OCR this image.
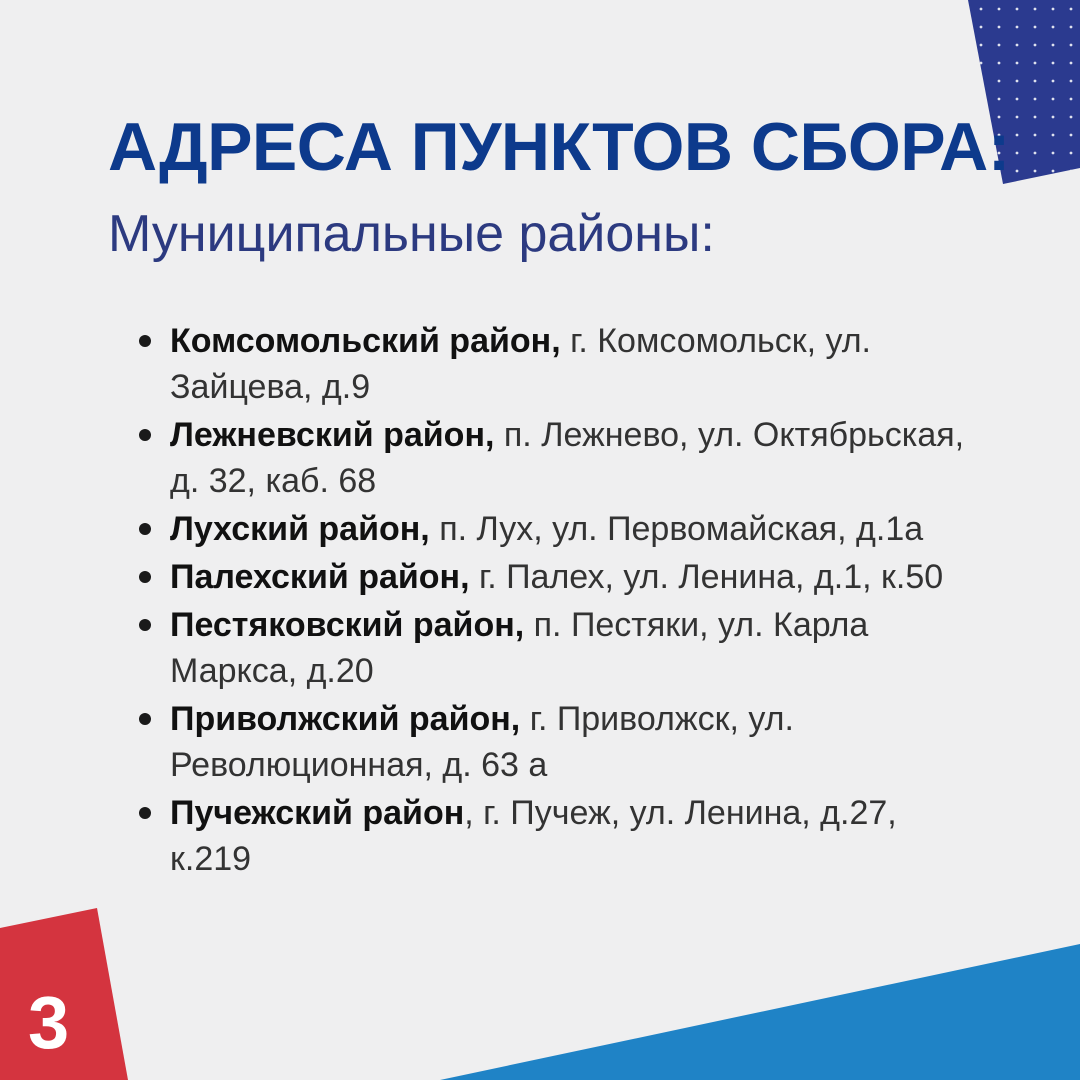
АДРЕСА ПУНКТОВ СБОРА:
Муниципальные районы:
Комсомольский район, г. Комсомольск, ул. Зайцева, д.9
Лежневский район, п. Лежнево, ул. Октябрьская, д. 32, каб. 68
Лухский район, п. Лух, ул. Первомайская, д.1а
Палехский район, г. Палех, ул. Ленина, д.1, к.50
Пестяковский район, п. Пестяки, ул. Карла Маркса, д.20
Приволжский район, г. Приволжск, ул. Революционная, д. 63 а
Пучежский район, г. Пучеж, ул. Ленина, д.27, к.219
3
